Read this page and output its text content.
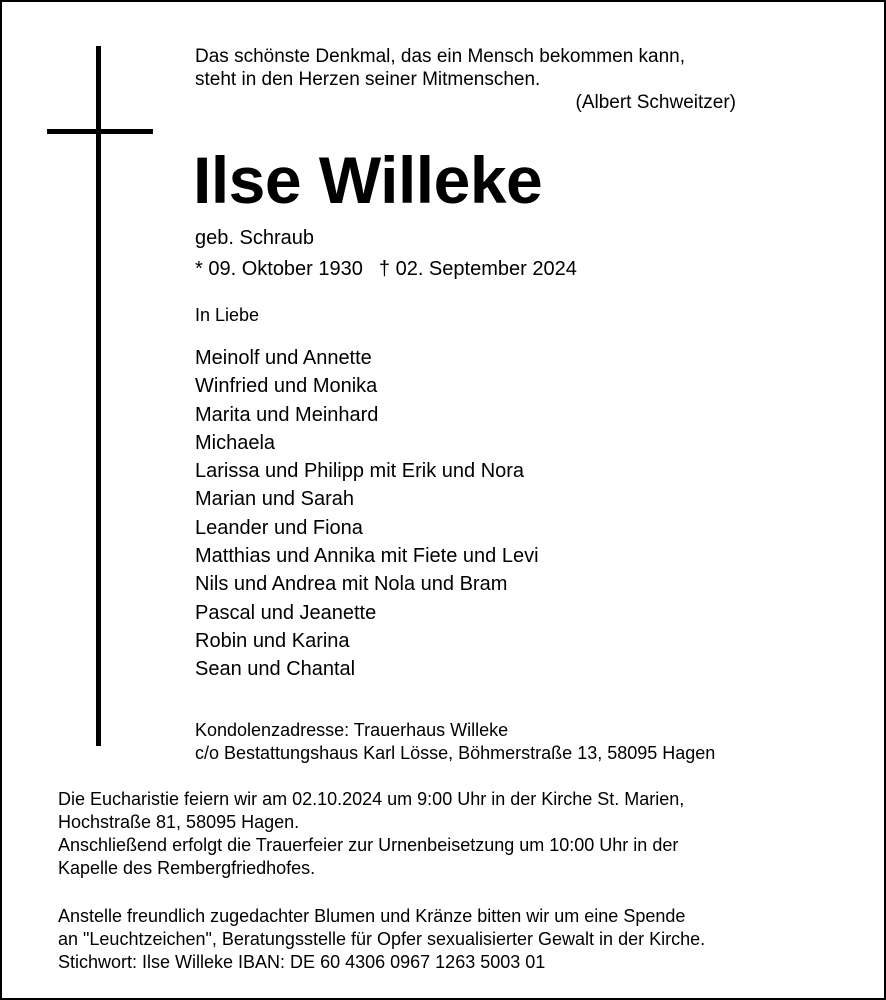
Das schönste Denkmal, das ein Mensch bekommen kann,
steht in den Herzen seiner Mitmenschen.
(Albert Schweitzer)
Ilse Willeke
geb. Schraub
* 09. Oktober 1930 † 02. September 2024
In Liebe
Meinolf und Annette
Winfried und Monika
Marita und Meinhard
Michaela
Larissa und Philipp mit Erik und Nora
Marian und Sarah
Leander und Fiona
Matthias und Annika mit Fiete und Levi
Nils und Andrea mit Nola und Bram
Pascal und Jeanette
Robin und Karina
Sean und Chantal
Kondolenzadresse: Trauerhaus Willeke
c/o Bestattungshaus Karl Lösse, Böhmerstraße 13, 58095 Hagen
Die Eucharistie feiern wir am 02.10.2024 um 9:00 Uhr in der Kirche St. Marien,
Hochstraße 81, 58095 Hagen.
Anschließend erfolgt die Trauerfeier zur Urnenbeisetzung um 10:00 Uhr in der
Kapelle des Rembergfriedhofes.
Anstelle freundlich zugedachter Blumen und Kränze bitten wir um eine Spende
an "Leuchtzeichen", Beratungsstelle für Opfer sexualisierter Gewalt in der Kirche.
Stichwort: Ilse Willeke IBAN: DE 60 4306 0967 1263 5003 01
